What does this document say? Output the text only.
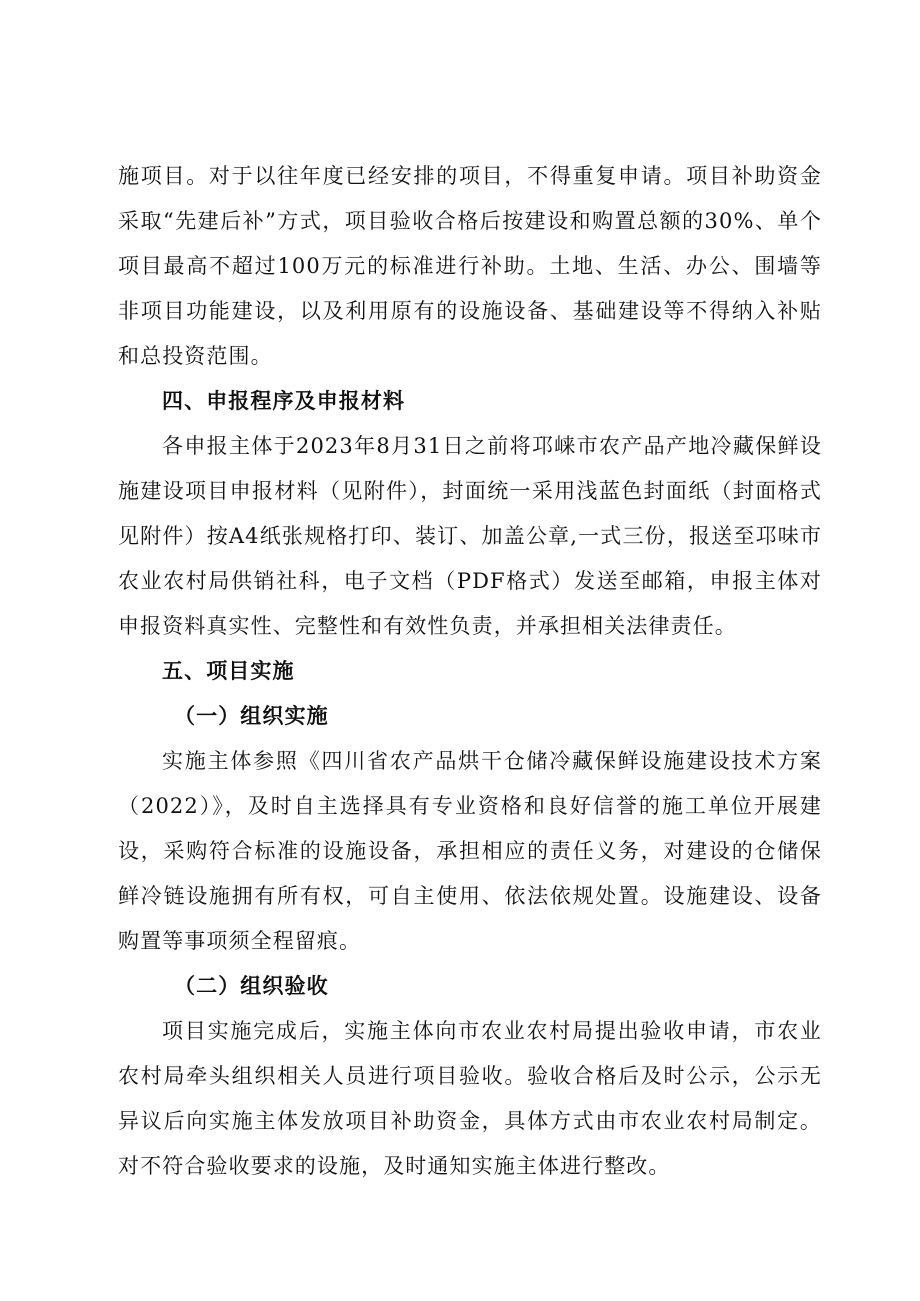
施项目。对于以往年度已经安排的项目，不得重复申请。项目补助资金采取“先建后补”方式，项目验收合格后按建设和购置总额的30%、单个项目最高不超过100万元的标准进行补助。土地、生活、办公、围墙等非项目功能建设，以及利用原有的设施设备、基础建设等不得纳入补贴和总投资范围。

四、申报程序及申报材料

各申报主体于2023年8月31日之前将邛崃市农产品产地冷藏保鲜设施建设项目申报材料（见附件），封面统一采用浅蓝色封面纸（封面格式见附件）按A4纸张规格打印、装订、加盖公章,一式三份，报送至邛味市农业农村局供销社科，电子文档（PDF格式）发送至邮箱，申报主体对申报资料真实性、完整性和有效性负责，并承担相关法律责任。

五、项目实施

（一）组织实施

实施主体参照《四川省农产品烘干仓储冷藏保鲜设施建设技术方案（2022）》，及时自主选择具有专业资格和良好信誉的施工单位开展建设，采购符合标准的设施设备，承担相应的责任义务，对建设的仓储保鲜冷链设施拥有所有权，可自主使用、依法依规处置。设施建设、设备购置等事项须全程留痕。

（二）组织验收

项目实施完成后，实施主体向市农业农村局提出验收申请，市农业农村局牵头组织相关人员进行项目验收。验收合格后及时公示，公示无异议后向实施主体发放项目补助资金，具体方式由市农业农村局制定。对不符合验收要求的设施，及时通知实施主体进行整改。
